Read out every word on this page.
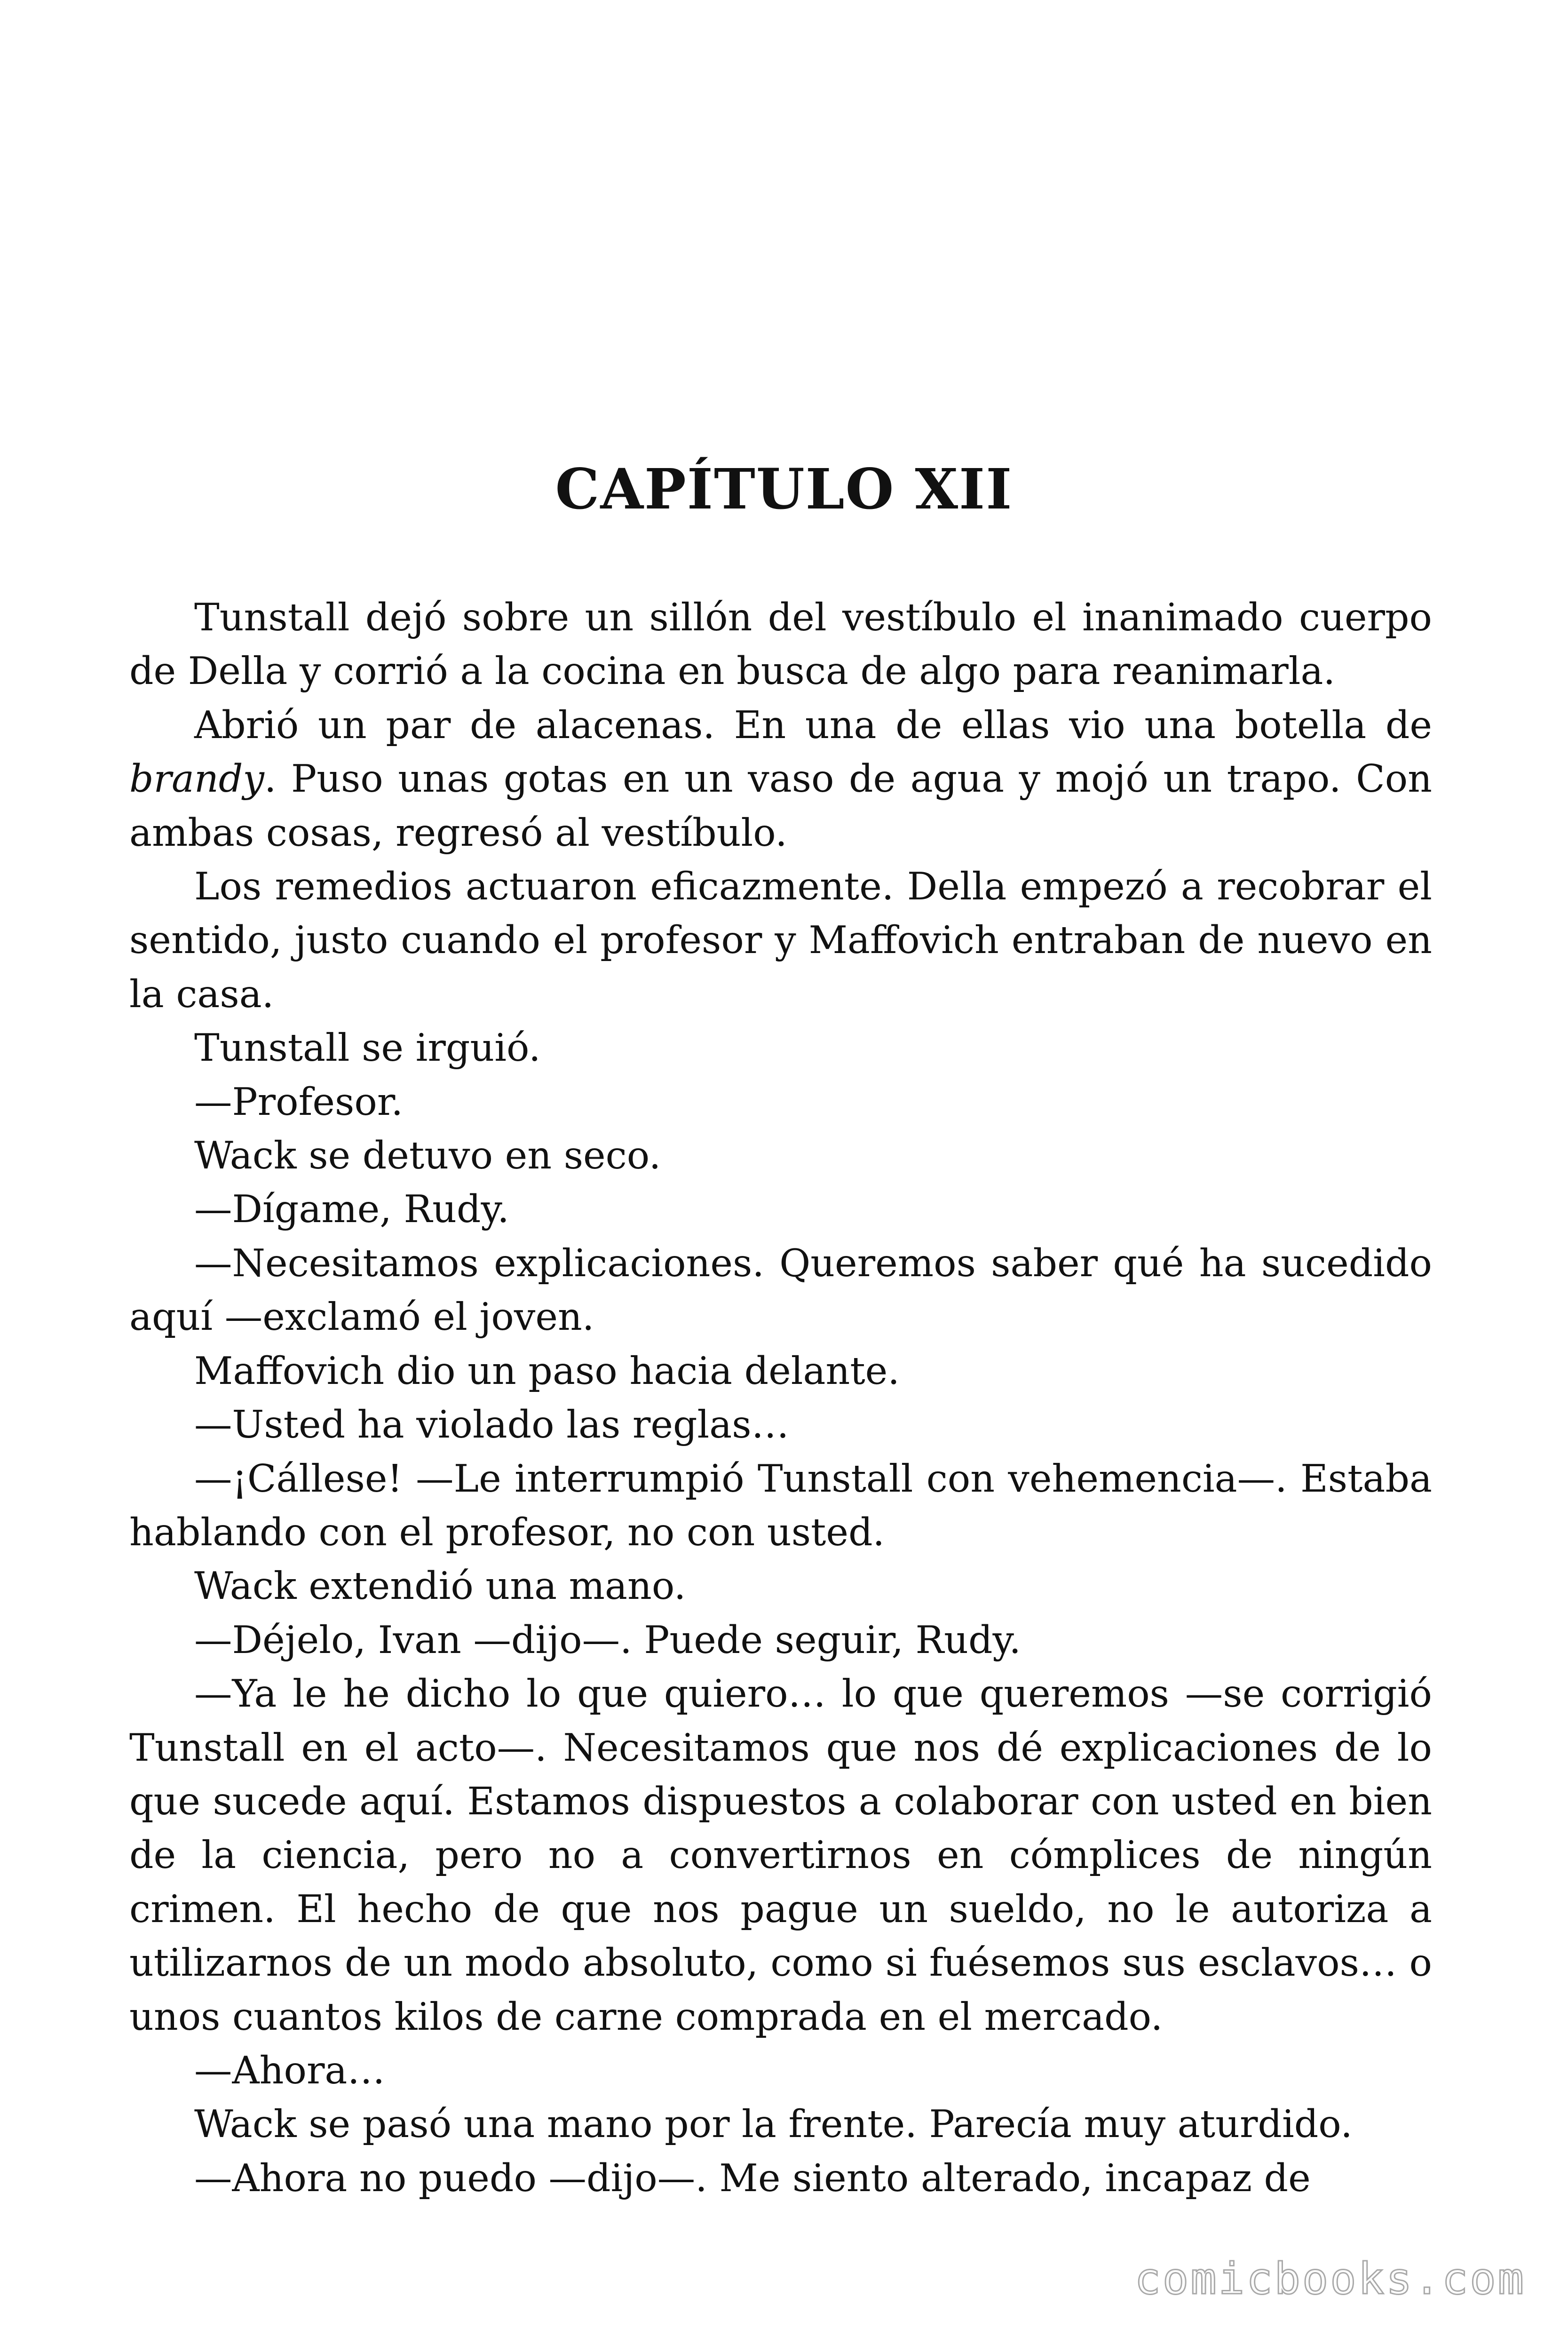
CAPÍTULO XII

Tunstall dejó sobre un sillón del vestíbulo el inanimado cuerpo de Della y corrió a la cocina en busca de algo para reanimarla.

Abrió un par de alacenas. En una de ellas vio una botella de brandy. Puso unas gotas en un vaso de agua y mojó un trapo. Con ambas cosas, regresó al vestíbulo.

Los remedios actuaron eficazmente. Della empezó a recobrar el sentido, justo cuando el profesor y Maffovich entraban de nuevo en la casa.

Tunstall se irguió.

—Profesor.

Wack se detuvo en seco.

—Dígame, Rudy.

—Necesitamos explicaciones. Queremos saber qué ha sucedido aquí —exclamó el joven.

Maffovich dio un paso hacia delante.

—Usted ha violado las reglas…

—¡Cállese! —Le interrumpió Tunstall con vehemencia—. Estaba hablando con el profesor, no con usted.

Wack extendió una mano.

—Déjelo, Ivan —dijo—. Puede seguir, Rudy.

—Ya le he dicho lo que quiero… lo que queremos —se corrigió Tunstall en el acto—. Necesitamos que nos dé explicaciones de lo que sucede aquí. Estamos dispuestos a colaborar con usted en bien de la ciencia, pero no a convertirnos en cómplices de ningún crimen. El hecho de que nos pague un sueldo, no le autoriza a utilizarnos de un modo absoluto, como si fuésemos sus esclavos… o unos cuantos kilos de carne comprada en el mercado.

—Ahora…

Wack se pasó una mano por la frente. Parecía muy aturdido.

—Ahora no puedo —dijo—. Me siento alterado, incapaz de

comicbooks.com
